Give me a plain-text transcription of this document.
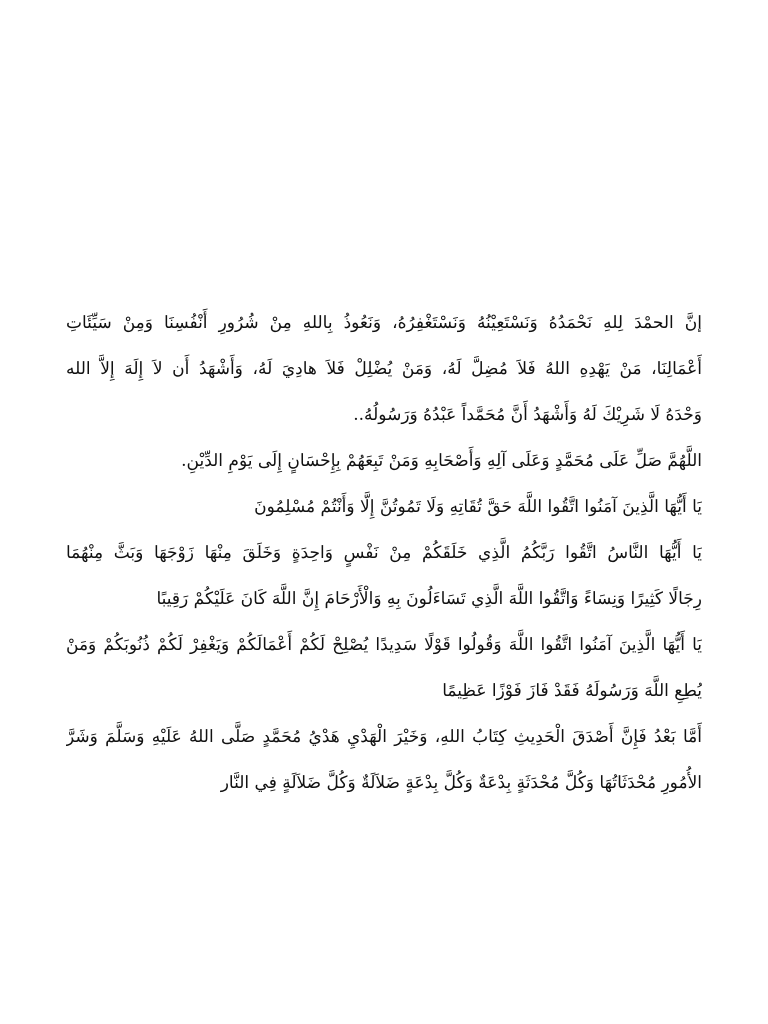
إنَّ الحمْدَ لِلهِ نَحْمَدُهُ وَنَسْتَعِيْنُهُ وَنَسْتَغْفِرُهُ، وَنَعُوذُ بِاللهِ مِنْ شُرُورِ أَنْفُسِنَا وَمِنْ سَيِّئَاتِ
أَعْمَالِنَا، مَنْ يَهْدِهِ اللهُ فَلاَ مُضِلَّ لَهُ، وَمَنْ يُضْلِلْ فَلاَ هادِيَ لَهُ، وَأَشْهَدُ أَن لاَ إِلَهَ إِلاَّ الله
وَحْدَهُ لَا شَرِيْكَ لَهُ وَأَشْهَدُ أَنَّ مُحَمَّداً عَبْدُهُ وَرَسُولُهُ..
اللَّهُمَّ صَلِّ عَلَى مُحَمَّدٍ وَعَلَى آلِهِ وَأَصْحَابِهِ وَمَنْ تَبِعَهُمْ بِإِحْسَانٍ إِلَى يَوْمِ الدِّيْنِ.
يَا أَيُّهَا الَّذِينَ آمَنُوا اتَّقُوا اللَّهَ حَقَّ تُقَاتِهِ وَلَا تَمُوتُنَّ إِلَّا وَأَنْتُمْ مُسْلِمُونَ
يَا أَيُّهَا النَّاسُ اتَّقُوا رَبَّكُمُ الَّذِي خَلَقَكُمْ مِنْ نَفْسٍ وَاحِدَةٍ وَخَلَقَ مِنْهَا زَوْجَهَا وَبَثَّ مِنْهُمَا
رِجَالًا كَثِيرًا وَنِسَاءً وَاتَّقُوا اللَّهَ الَّذِي تَسَاءَلُونَ بِهِ وَالْأَرْحَامَ إِنَّ اللَّهَ كَانَ عَلَيْكُمْ رَقِيبًا
يَا أَيُّهَا الَّذِينَ آمَنُوا اتَّقُوا اللَّهَ وَقُولُوا قَوْلًا سَدِيدًا يُصْلِحْ لَكُمْ أَعْمَالَكُمْ وَيَغْفِرْ لَكُمْ ذُنُوبَكُمْ وَمَنْ
يُطِعِ اللَّهَ وَرَسُولَهُ فَقَدْ فَازَ فَوْزًا عَظِيمًا
أَمَّا بَعْدُ فَإِنَّ أَصْدَقَ الْحَدِيثِ كِتَابُ اللهِ، وَخَيْرَ الْهَدْيِ هَدْيُ مُحَمَّدٍ صَلَّى اللهُ عَلَيْهِ وَسَلَّمَ وَشَرَّ
الأُمُورِ مُحْدَثَاتُهَا وَكُلَّ مُحْدَثَةٍ بِدْعَةٌ وَكُلَّ بِدْعَةٍ ضَلاَلَةٌ وَكُلَّ ضَلاَلَةٍ فِي النَّار
